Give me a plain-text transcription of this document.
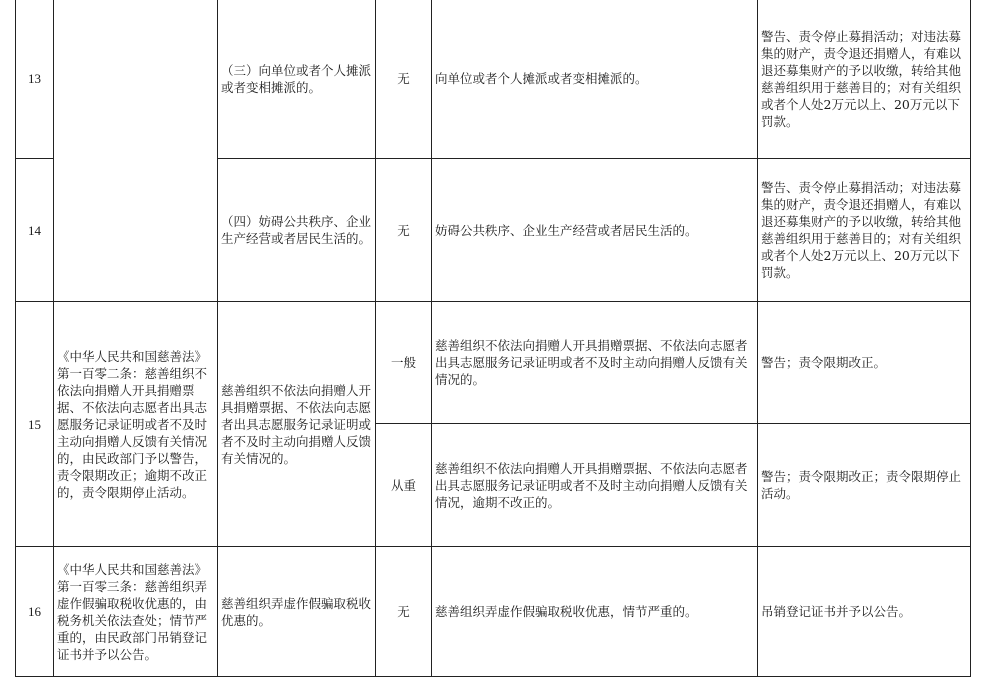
13		（三）向单位或者个人摊派或者变相摊派的。	无	向单位或者个人摊派或者变相摊派的。	警告、责令停止募捐活动；对违法募集的财产，责令退还捐赠人，有难以退还募集财产的予以收缴，转给其他慈善组织用于慈善目的；对有关组织或者个人处2万元以上、20万元以下罚款。

14		（四）妨碍公共秩序、企业生产经营或者居民生活的。	无	妨碍公共秩序、企业生产经营或者居民生活的。	警告、责令停止募捐活动；对违法募集的财产，责令退还捐赠人，有难以退还募集财产的予以收缴，转给其他慈善组织用于慈善目的；对有关组织或者个人处2万元以上、20万元以下罚款。

15	《中华人民共和国慈善法》第一百零二条：慈善组织不依法向捐赠人开具捐赠票据、不依法向志愿者出具志愿服务记录证明或者不及时主动向捐赠人反馈有关情况的，由民政部门予以警告，责令限期改正；逾期不改正的，责令限期停止活动。	慈善组织不依法向捐赠人开具捐赠票据、不依法向志愿者出具志愿服务记录证明或者不及时主动向捐赠人反馈有关情况的。	一般	慈善组织不依法向捐赠人开具捐赠票据、不依法向志愿者出具志愿服务记录证明或者不及时主动向捐赠人反馈有关情况的。	警告；责令限期改正。

			从重	慈善组织不依法向捐赠人开具捐赠票据、不依法向志愿者出具志愿服务记录证明或者不及时主动向捐赠人反馈有关情况，逾期不改正的。	警告；责令限期改正；责令限期停止活动。

16	《中华人民共和国慈善法》第一百零三条：慈善组织弄虚作假骗取税收优惠的，由税务机关依法查处；情节严重的，由民政部门吊销登记证书并予以公告。	慈善组织弄虚作假骗取税收优惠的。	无	慈善组织弄虚作假骗取税收优惠，情节严重的。	吊销登记证书并予以公告。
